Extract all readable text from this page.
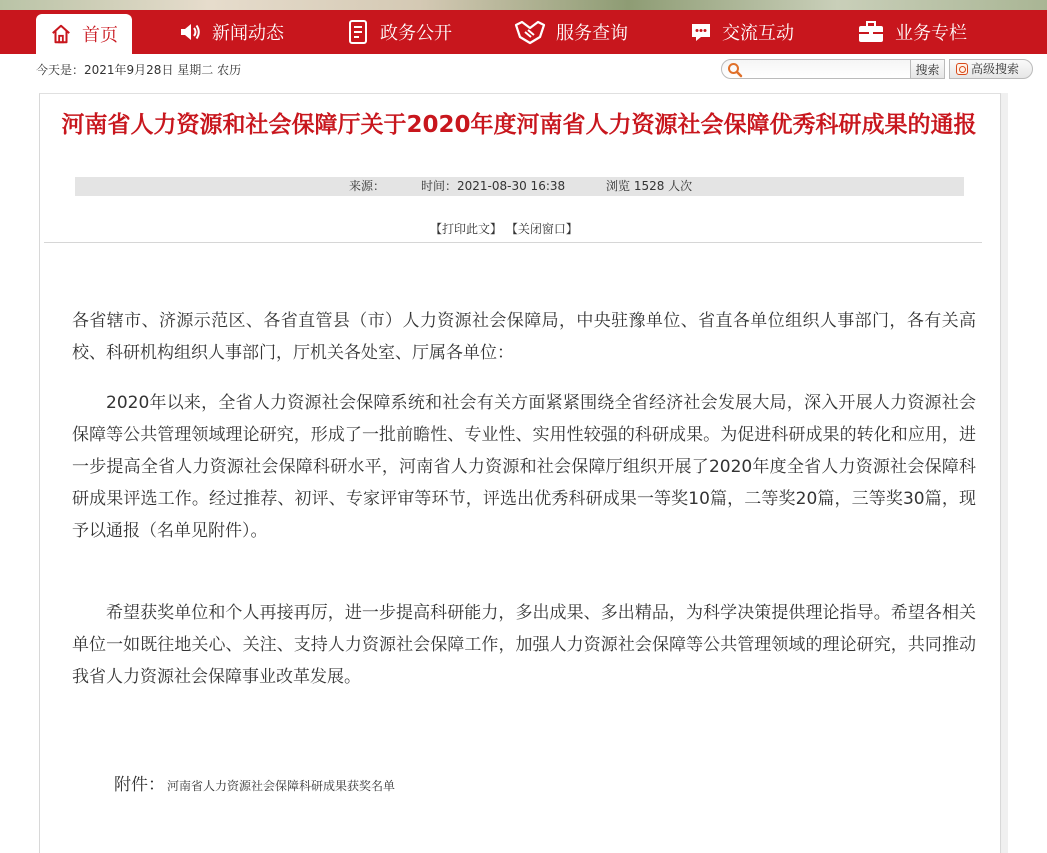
首页	新闻动态	政务公开	服务查询	交流互动	业务专栏
今天是：2021年9月28日 星期二 农历	搜索	高级搜索
河南省人力资源和社会保障厅关于2020年度河南省人力资源社会保障优秀科研成果的通报
来源：	时间：2021-08-30 16:38	浏览 1528 人次
【打印此文】 【关闭窗口】

各省辖市、济源示范区、各省直管县（市）人力资源社会保障局，中央驻豫单位、省直各单位组织人事部门，各有关高校、科研机构组织人事部门，厅机关各处室、厅属各单位：

2020年以来，全省人力资源社会保障系统和社会有关方面紧紧围绕全省经济社会发展大局，深入开展人力资源社会保障等公共管理领域理论研究，形成了一批前瞻性、专业性、实用性较强的科研成果。为促进科研成果的转化和应用，进一步提高全省人力资源社会保障科研水平，河南省人力资源和社会保障厅组织开展了2020年度全省人力资源社会保障科研成果评选工作。经过推荐、初评、专家评审等环节，评选出优秀科研成果一等奖10篇，二等奖20篇，三等奖30篇，现予以通报（名单见附件）。

希望获奖单位和个人再接再厉，进一步提高科研能力，多出成果、多出精品，为科学决策提供理论指导。希望各相关单位一如既往地关心、关注、支持人力资源社会保障工作，加强人力资源社会保障等公共管理领域的理论研究，共同推动我省人力资源社会保障事业改革发展。

附件： 河南省人力资源社会保障科研成果获奖名单
